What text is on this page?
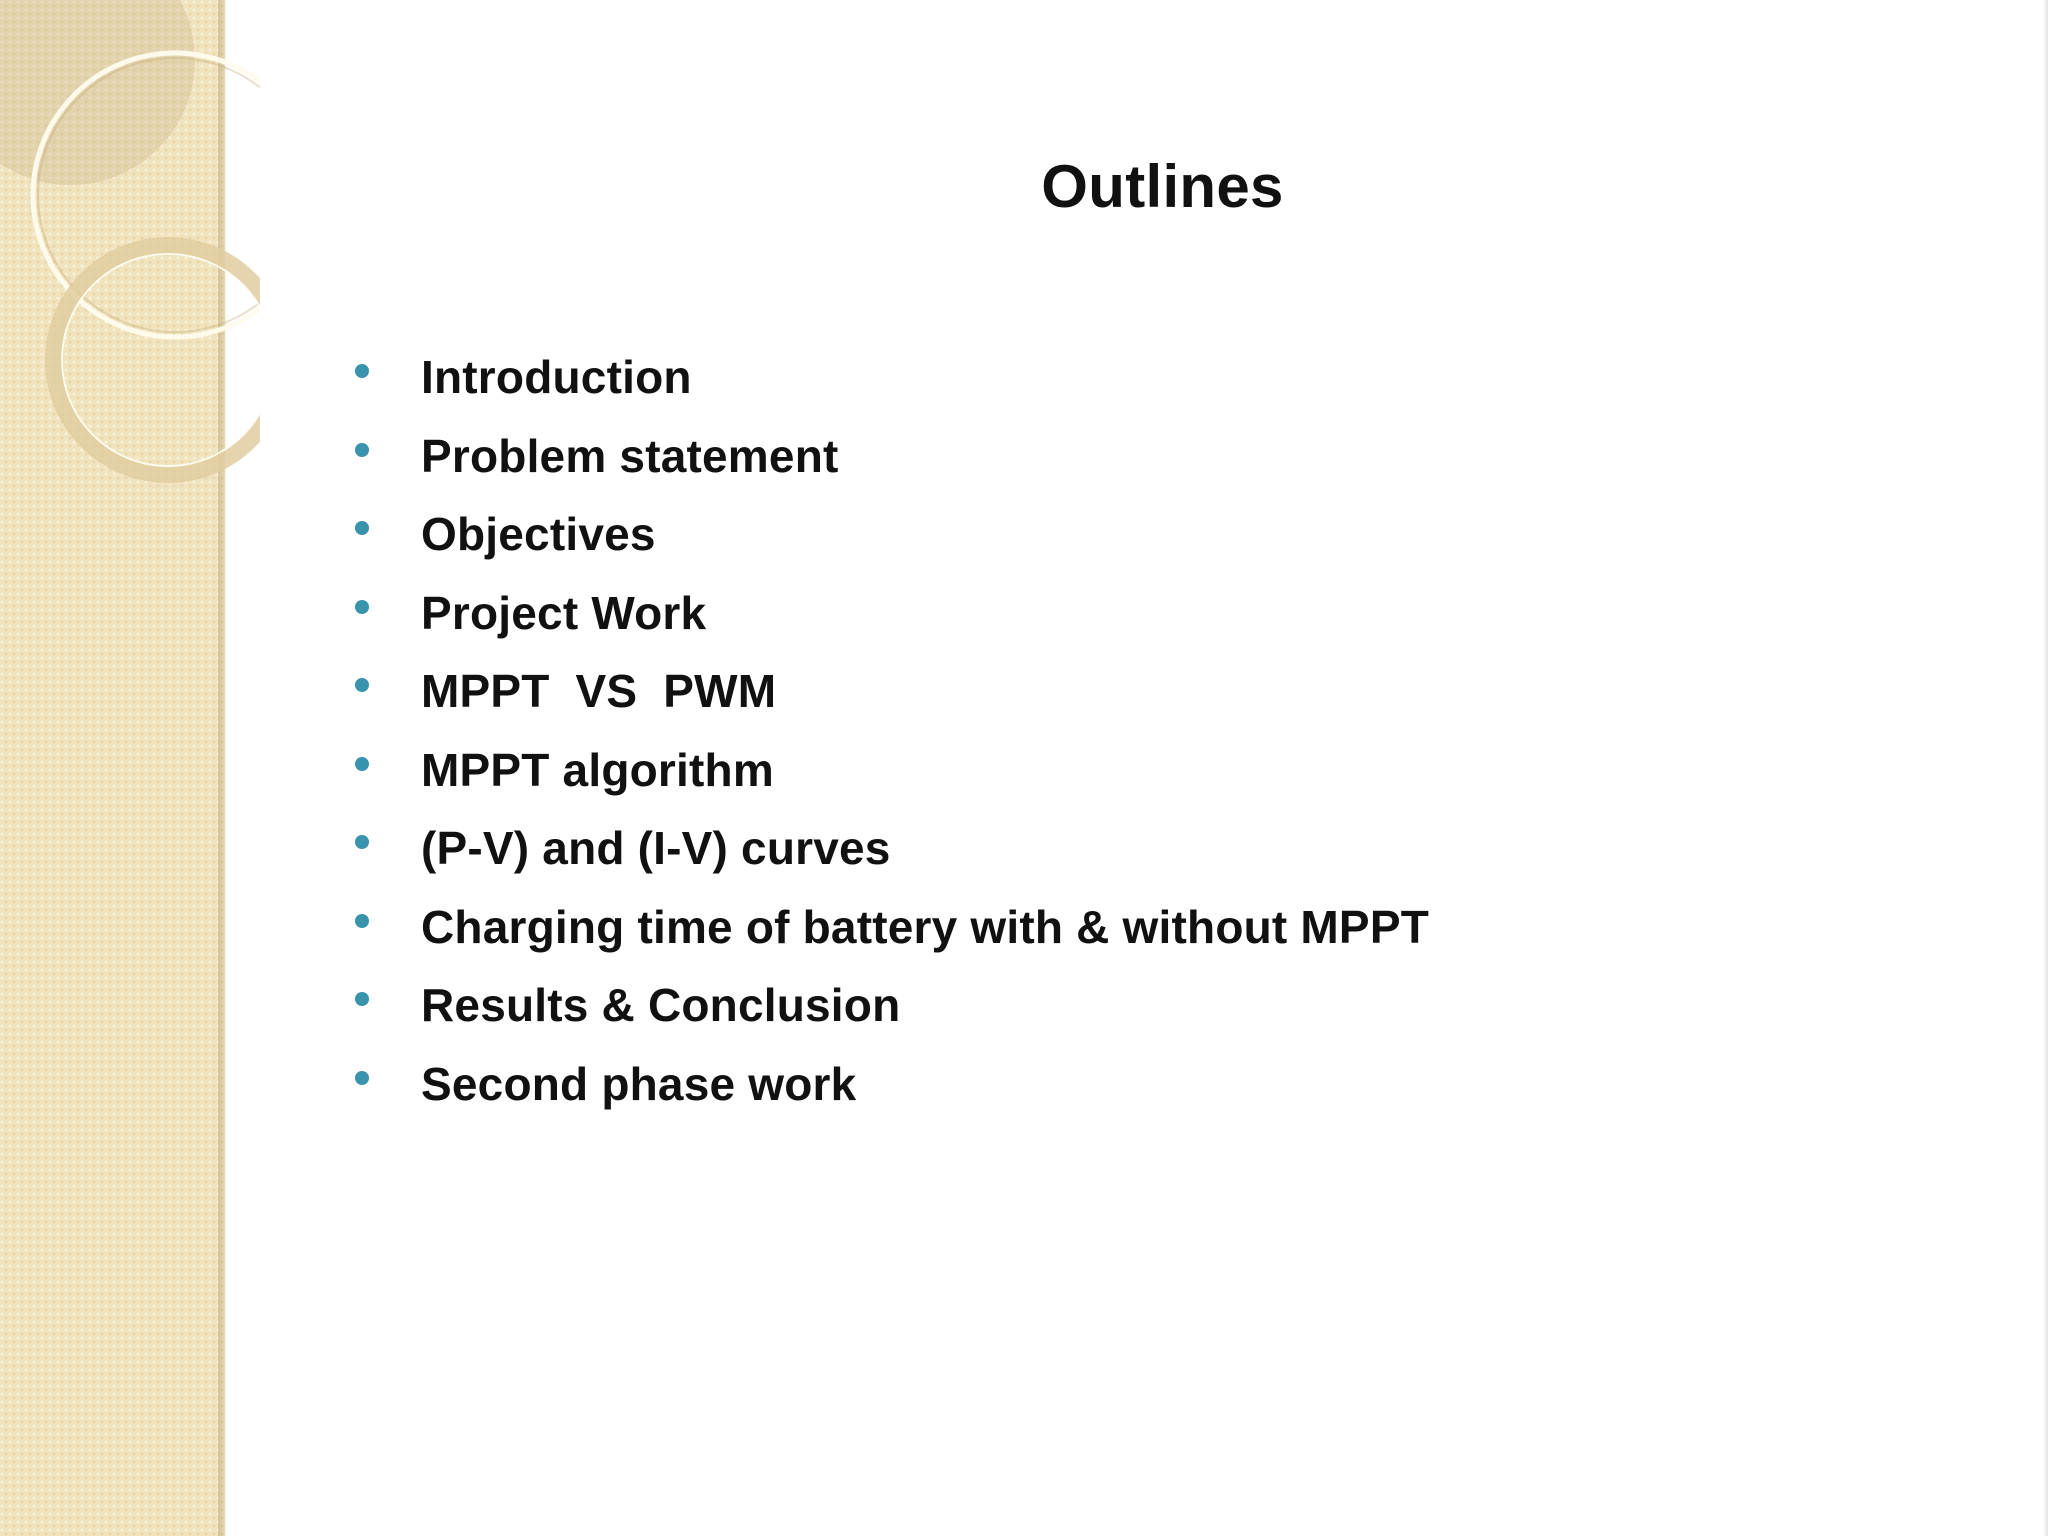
Outlines
Introduction
Problem statement
Objectives
Project Work
MPPT  VS  PWM
MPPT algorithm
(P-V) and (I-V) curves
Charging time of battery with & without MPPT
Results & Conclusion
Second phase work
